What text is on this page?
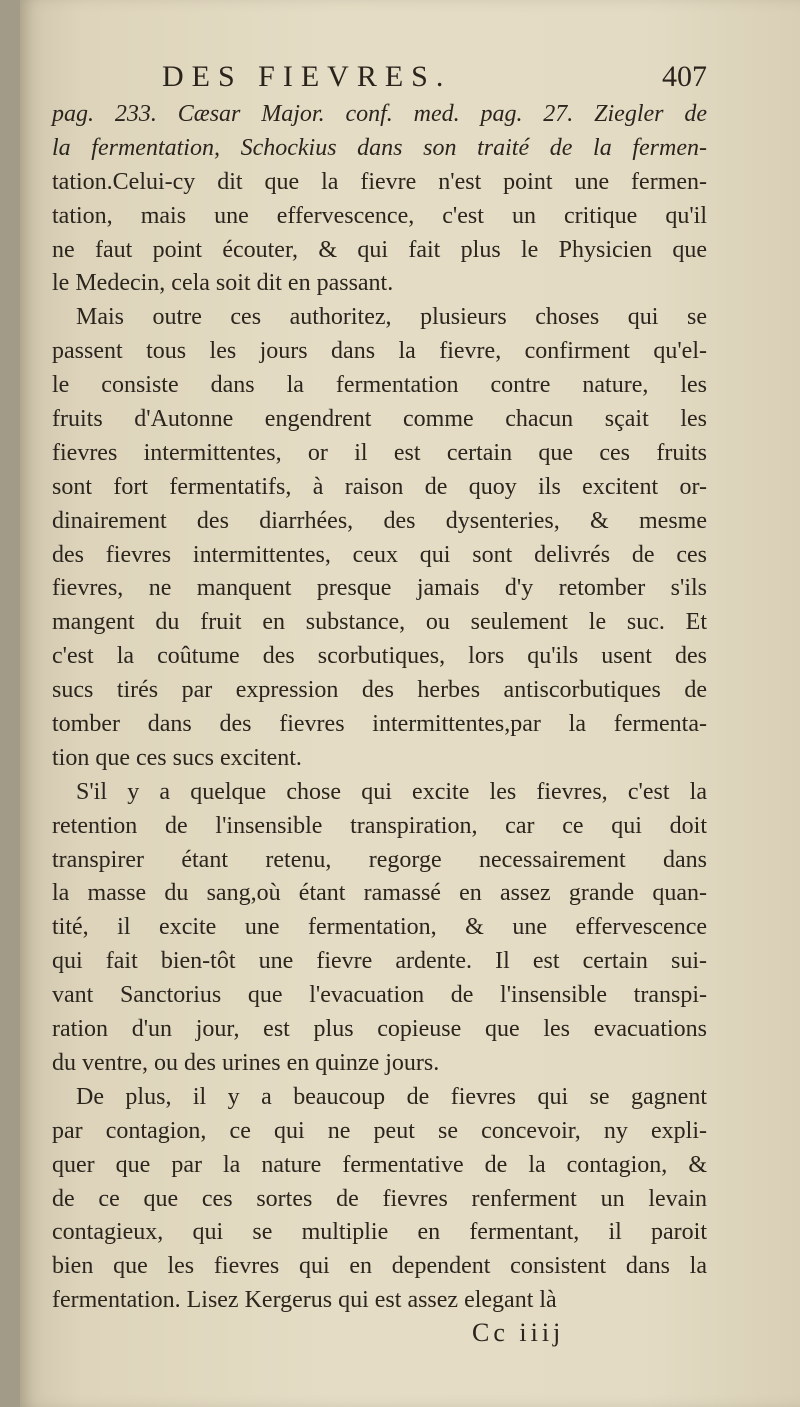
DES FIEVRES.	407
pag. 233. Cæsar Major. conf. med. pag. 27. Ziegler de
la fermentation, Schockius dans son traité de la fermen-
tation.Celui-cy dit que la fievre n'est point une fermen-
tation, mais une effervescence, c'est un critique qu'il
ne faut point écouter, & qui fait plus le Physicien que
le Medecin, cela soit dit en passant.
Mais outre ces authoritez, plusieurs choses qui se
passent tous les jours dans la fievre, confirment qu'el-
le consiste dans la fermentation contre nature, les
fruits d'Autonne engendrent comme chacun sçait les
fievres intermittentes, or il est certain que ces fruits
sont fort fermentatifs, à raison de quoy ils excitent or-
dinairement des diarrhées, des dysenteries, & mesme
des fievres intermittentes, ceux qui sont delivrés de ces
fievres, ne manquent presque jamais d'y retomber s'ils
mangent du fruit en substance, ou seulement le suc. Et
c'est la coûtume des scorbutiques, lors qu'ils usent des
sucs tirés par expression des herbes antiscorbutiques de
tomber dans des fievres intermittentes,par la fermenta-
tion que ces sucs excitent.
S'il y a quelque chose qui excite les fievres, c'est la
retention de l'insensible transpiration, car ce qui doit
transpirer étant retenu, regorge necessairement dans
la masse du sang,où étant ramassé en assez grande quan-
tité, il excite une fermentation, & une effervescence
qui fait bien-tôt une fievre ardente. Il est certain sui-
vant Sanctorius que l'evacuation de l'insensible transpi-
ration d'un jour, est plus copieuse que les evacuations
du ventre, ou des urines en quinze jours.
De plus, il y a beaucoup de fievres qui se gagnent
par contagion, ce qui ne peut se concevoir, ny expli-
quer que par la nature fermentative de la contagion, &
de ce que ces sortes de fievres renferment un levain
contagieux, qui se multiplie en fermentant, il paroit
bien que les fievres qui en dependent consistent dans la
fermentation. Lisez Kergerus qui est assez elegant là
Cc iiij
